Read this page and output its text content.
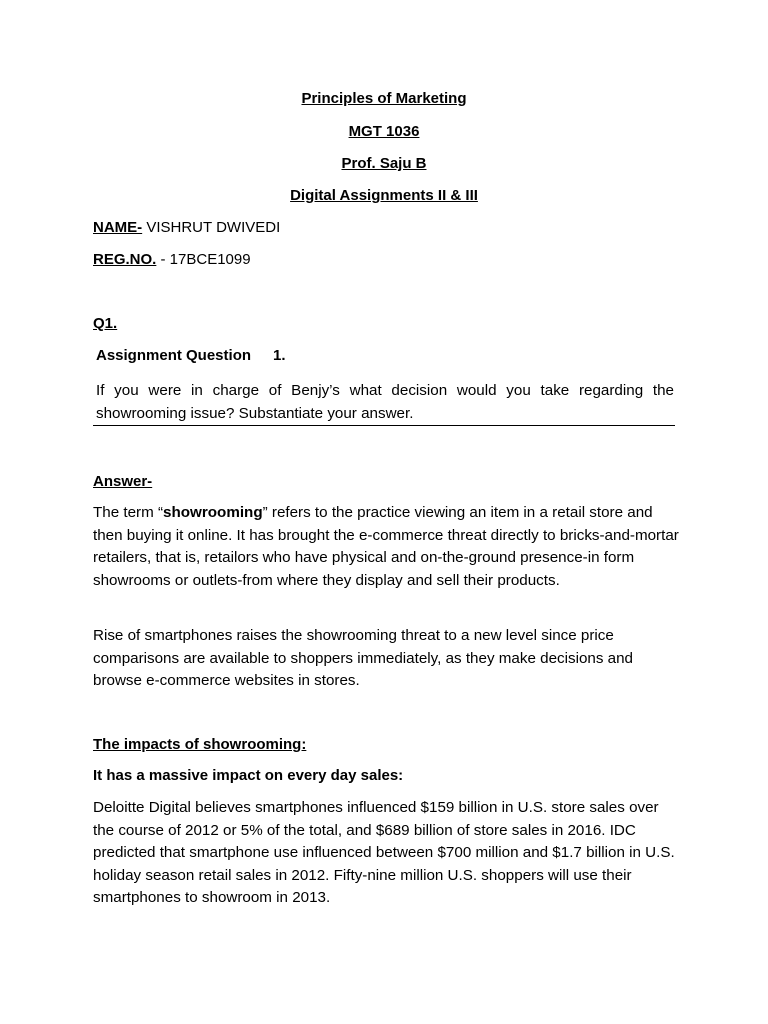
Principles of Marketing
MGT 1036
Prof. Saju B
Digital Assignments II & III
NAME- VISHRUT DWIVEDI
REG.NO. - 17BCE1099
Q1.
Assignment Question 1.
If you were in charge of Benjy’s what decision would you take regarding the showrooming issue? Substantiate your answer.
Answer-
The term “showrooming” refers to the practice viewing an item in a retail store and then buying it online. It has brought the e-commerce threat directly to bricks-and-mortar retailers, that is, retailors who have physical and on-the-ground presence-in form showrooms or outlets-from where they display and sell their products.
Rise of smartphones raises the showrooming threat to a new level since price comparisons are available to shoppers immediately, as they make decisions and browse e-commerce websites in stores.
The impacts of showrooming:
It has a massive impact on every day sales:
Deloitte Digital believes smartphones influenced $159 billion in U.S. store sales over the course of 2012 or 5% of the total, and $689 billion of store sales in 2016. IDC predicted that smartphone use influenced between $700 million and $1.7 billion in U.S. holiday season retail sales in 2012. Fifty-nine million U.S. shoppers will use their smartphones to showroom in 2013.
